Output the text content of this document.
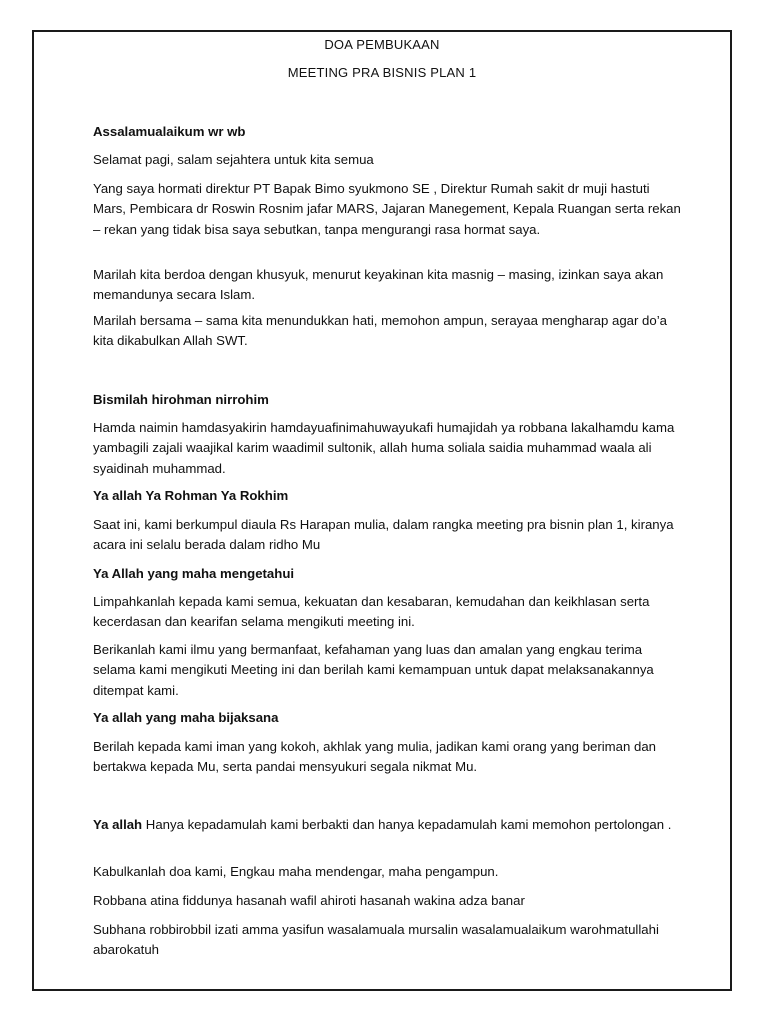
DOA PEMBUKAAN
MEETING PRA BISNIS PLAN 1

Assalamualaikum wr wb

Selamat pagi, salam sejahtera untuk kita semua

Yang saya hormati direktur PT Bapak Bimo syukmono SE , Direktur Rumah sakit dr muji hastuti Mars, Pembicara dr Roswin Rosnim jafar MARS, Jajaran Manegement, Kepala Ruangan serta rekan – rekan yang tidak bisa saya sebutkan, tanpa mengurangi rasa hormat saya.

Marilah kita berdoa dengan khusyuk, menurut keyakinan kita masnig – masing, izinkan saya akan memandunya secara Islam.

Marilah bersama – sama kita menundukkan hati, memohon ampun, serayaa mengharap agar do’a kita dikabulkan Allah SWT.

Bismilah hirohman nirrohim

Hamda naimin hamdasyakirin hamdayuafinimahuwayukafi humajidah ya robbana lakalhamdu kama yambagili zajali waajikal karim waadimil sultonik, allah huma soliala saidia muhammad waala ali syaidinah muhammad.

Ya allah Ya Rohman Ya Rokhim

Saat ini, kami berkumpul diaula Rs Harapan mulia, dalam rangka meeting pra bisnin plan 1, kiranya acara ini selalu berada dalam ridho Mu

Ya Allah yang maha mengetahui

Limpahkanlah kepada kami semua, kekuatan dan kesabaran, kemudahan dan keikhlasan serta kecerdasan dan kearifan selama mengikuti meeting ini.

Berikanlah kami ilmu yang bermanfaat, kefahaman yang luas dan amalan yang engkau terima selama kami mengikuti Meeting ini dan berilah kami kemampuan untuk dapat melaksanakannya ditempat kami.

Ya allah yang maha bijaksana

Berilah kepada kami iman yang kokoh, akhlak yang mulia, jadikan kami orang yang beriman dan bertakwa kepada Mu, serta pandai mensyukuri segala nikmat Mu.

Ya allah Hanya kepadamulah kami berbakti dan hanya kepadamulah kami memohon pertolongan .

Kabulkanlah doa kami, Engkau maha mendengar, maha pengampun.

Robbana atina fiddunya hasanah wafil ahiroti hasanah wakina adza banar

Subhana robbirobbil izati amma yasifun wasalamuala mursalin wasalamualaikum warohmatullahi abarokatuh
